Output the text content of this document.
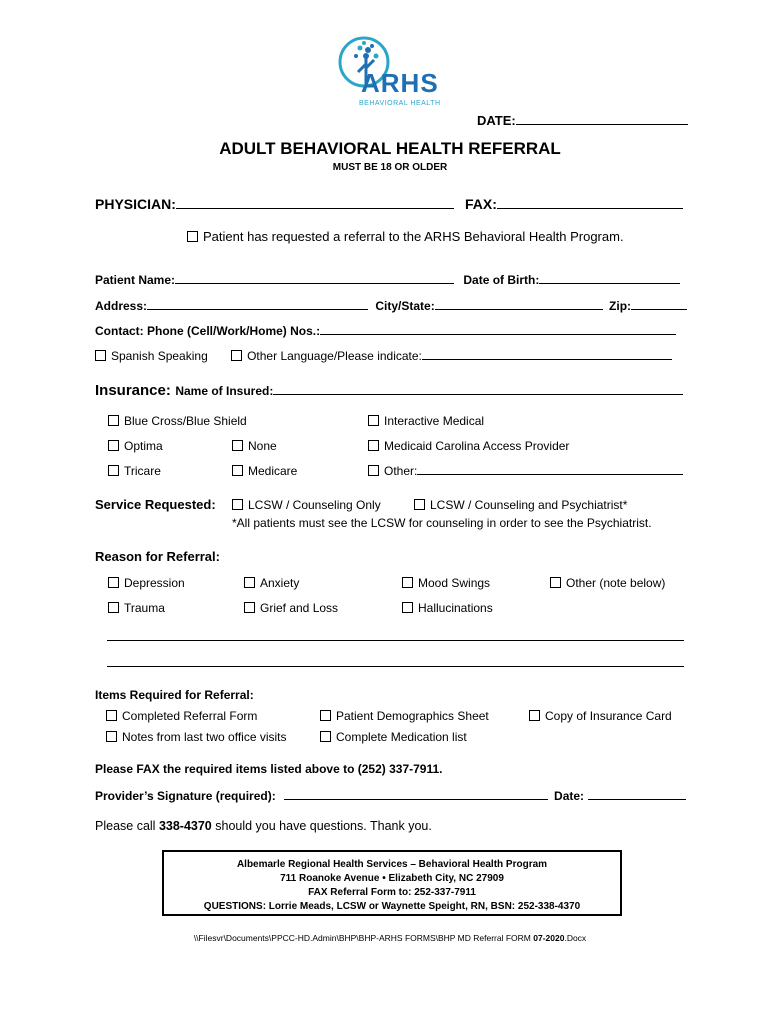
ARHS
BEHAVIORAL HEALTH
DATE:
ADULT BEHAVIORAL HEALTH REFERRAL
MUST BE 18 OR OLDER
PHYSICIAN:	FAX:
Patient has requested a referral to the ARHS Behavioral Health Program.
Patient Name:	Date of Birth:
Address:	City/State:	Zip:
Contact: Phone (Cell/Work/Home) Nos.:
Spanish Speaking	Other Language/Please indicate:
Insurance: Name of Insured:
Blue Cross/Blue Shield	Interactive Medical
Optima	None	Medicaid Carolina Access Provider
Tricare	Medicare	Other:
Service Requested:	LCSW / Counseling Only	LCSW / Counseling and Psychiatrist*
*All patients must see the LCSW for counseling in order to see the Psychiatrist.
Reason for Referral:
Depression	Anxiety	Mood Swings	Other (note below)
Trauma	Grief and Loss	Hallucinations
Items Required for Referral:
Completed Referral Form	Patient Demographics Sheet	Copy of Insurance Card
Notes from last two office visits	Complete Medication list
Please FAX the required items listed above to (252) 337-7911.
Provider’s Signature (required):	Date:
Please call 338-4370 should you have questions. Thank you.
Albemarle Regional Health Services – Behavioral Health Program
711 Roanoke Avenue • Elizabeth City, NC 27909
FAX Referral Form to: 252-337-7911
QUESTIONS: Lorrie Meads, LCSW or Waynette Speight, RN, BSN: 252-338-4370
\\Filesvr\Documents\PPCC-HD.Admin\BHP\BHP-ARHS FORMS\BHP MD Referral FORM 07-2020.Docx
